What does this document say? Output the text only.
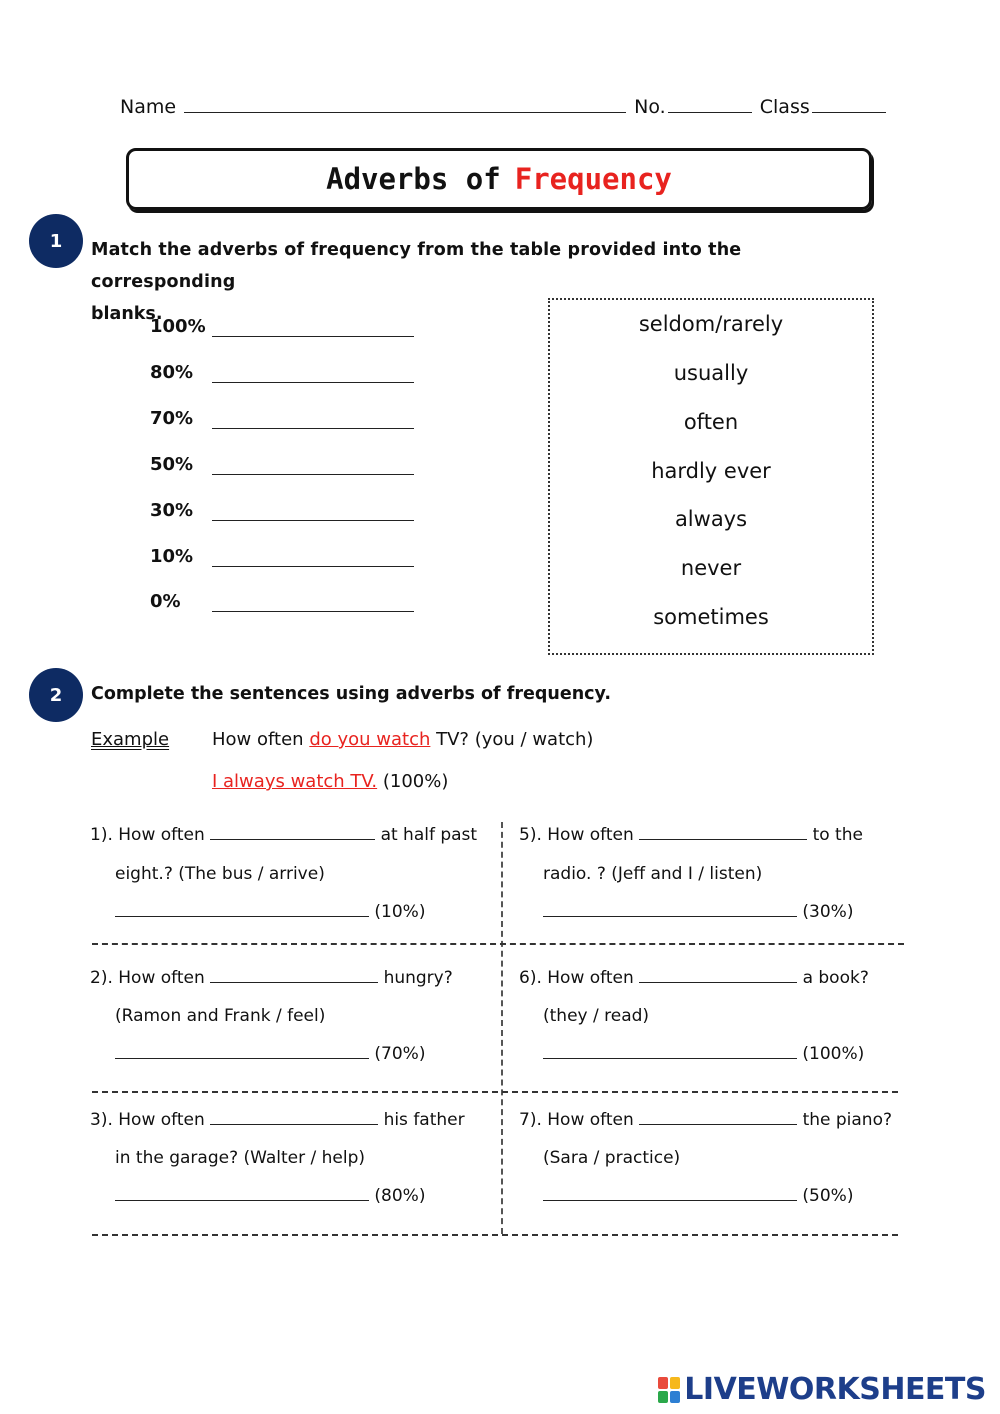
Name	No.	Class
Adverbs of Frequency
1 Match the adverbs of frequency from the table provided into the corresponding
blanks.
100%
80%
70%
50%
30%
10%
0%
seldom/rarely
usually
often
hardly ever
always
never
sometimes
2 Complete the sentences using adverbs of frequency.
Example How often do you watch TV? (you / watch)
I always watch TV. (100%)
1). How often	at half past
eight.? (The bus / arrive)
(10%)
5). How often	to the
radio. ? (Jeff and I / listen)
(30%)
2). How often	hungry?
(Ramon and Frank / feel)
(70%)
6). How often	a book?
(they / read)
(100%)
3). How often	his father
in the garage? (Walter / help)
(80%)
7). How often	the piano?
(Sara / practice)
(50%)
LIVEWORKSHEETS
